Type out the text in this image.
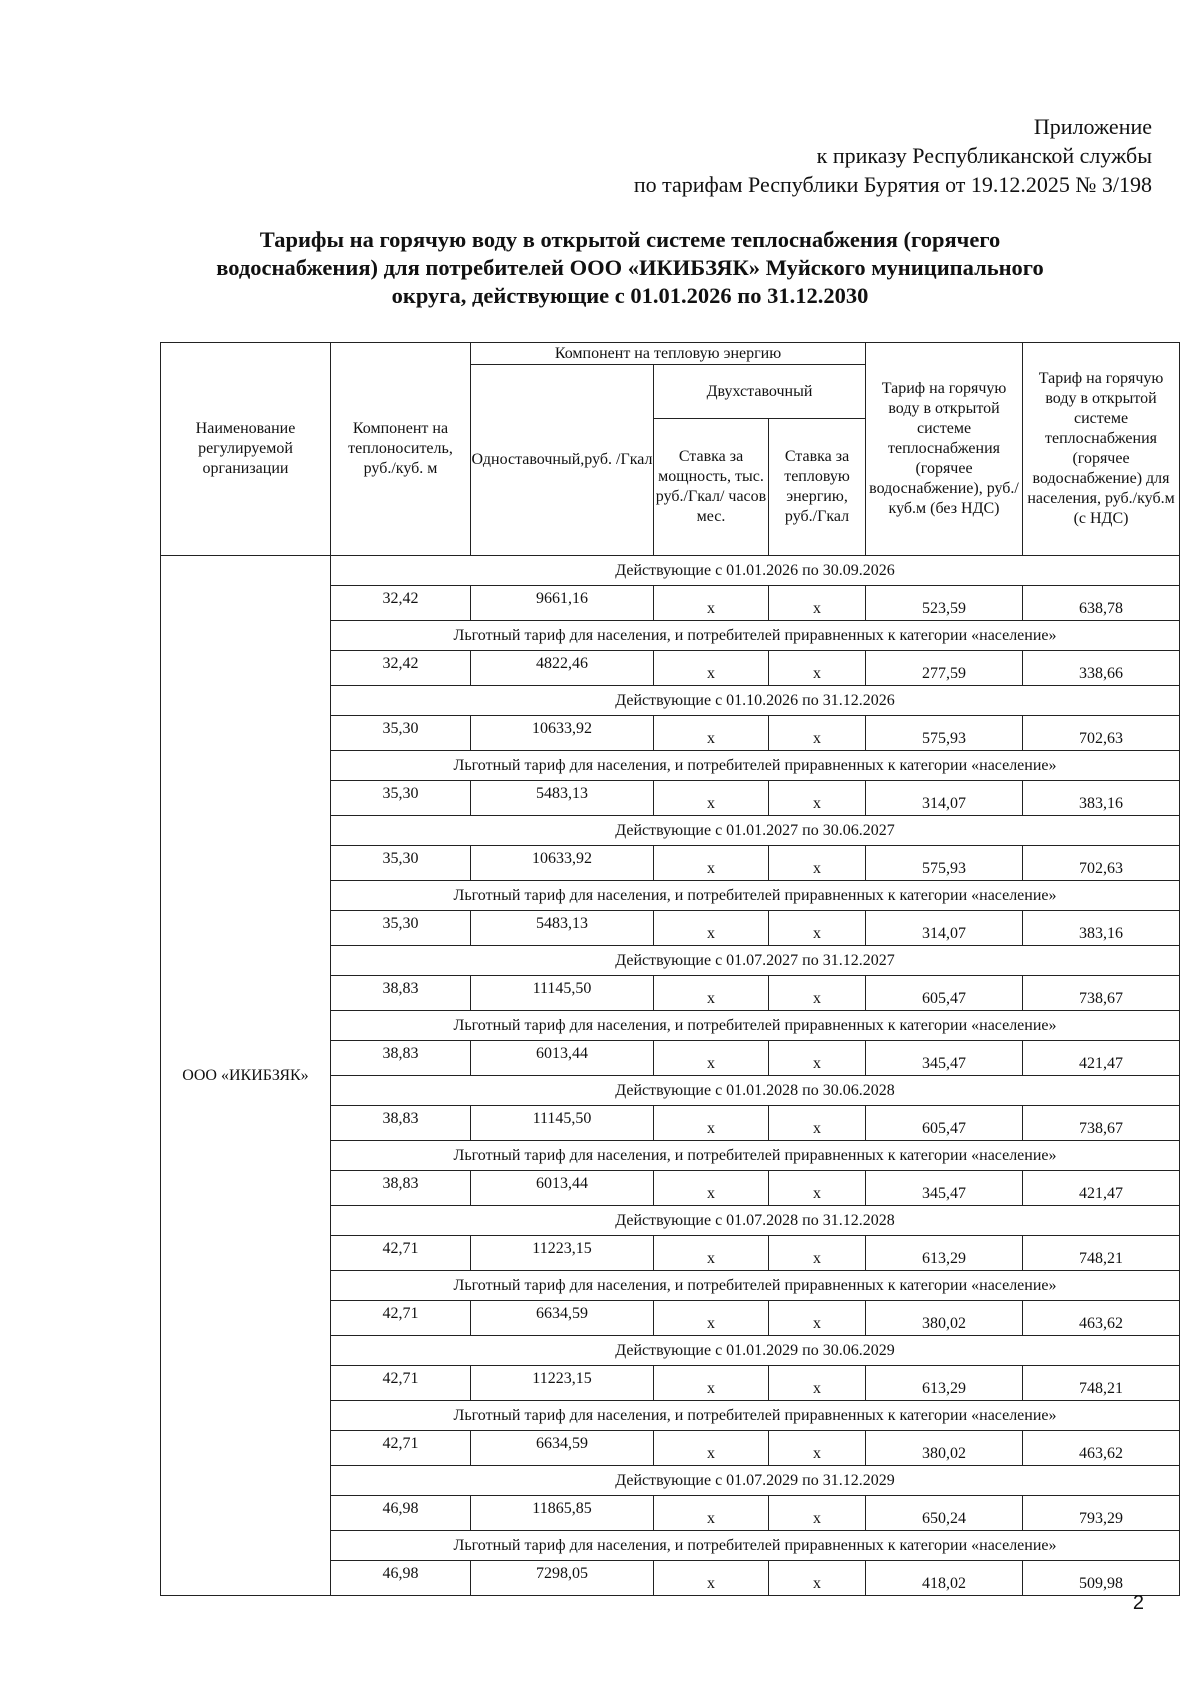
Приложение
к приказу Республиканской службы
по тарифам Республики Бурятия от 19.12.2025 № 3/198
Тарифы на горячую воду в открытой системе теплоснабжения (горячего
водоснабжения) для потребителей ООО «ИКИБЗЯК» Муйского муниципального
округа, действующие с 01.01.2026 по 31.12.2030
Наименование регулируемой организации	Компонент на теплоноситель, руб./куб. м	Компонент на тепловую энергию			Тариф на горячую воду в открытой системе теплоснабжения (горячее водоснабжение), руб./куб.м (без НДС)	Тариф на горячую воду в открытой системе теплоснабжения (горячее водоснабжение) для населения, руб./куб.м (с НДС)
		Одноставочный,руб. /Гкал	Двухставочный			
			Ставка за мощность, тыс. руб./Гкал/ часов мес.	Ставка за тепловую энергию, руб./Гкал		
ООО «ИКИБЗЯК»	Действующие с 01.01.2026 по 30.09.2026					
	32,42	9661,16	x	x	523,59	638,78
	Льготный тариф для населения, и потребителей приравненных к категории «население»					
	32,42	4822,46	x	x	277,59	338,66
	Действующие с 01.10.2026 по 31.12.2026					
	35,30	10633,92	x	x	575,93	702,63
	Льготный тариф для населения, и потребителей приравненных к категории «население»					
	35,30	5483,13	x	x	314,07	383,16
	Действующие с 01.01.2027 по 30.06.2027					
	35,30	10633,92	x	x	575,93	702,63
	Льготный тариф для населения, и потребителей приравненных к категории «население»					
	35,30	5483,13	x	x	314,07	383,16
	Действующие с 01.07.2027 по 31.12.2027					
	38,83	11145,50	x	x	605,47	738,67
	Льготный тариф для населения, и потребителей приравненных к категории «население»					
	38,83	6013,44	x	x	345,47	421,47
	Действующие с 01.01.2028 по 30.06.2028					
	38,83	11145,50	x	x	605,47	738,67
	Льготный тариф для населения, и потребителей приравненных к категории «население»					
	38,83	6013,44	x	x	345,47	421,47
	Действующие с 01.07.2028 по 31.12.2028					
	42,71	11223,15	x	x	613,29	748,21
	Льготный тариф для населения, и потребителей приравненных к категории «население»					
	42,71	6634,59	x	x	380,02	463,62
	Действующие с 01.01.2029 по 30.06.2029					
	42,71	11223,15	x	x	613,29	748,21
	Льготный тариф для населения, и потребителей приравненных к категории «население»					
	42,71	6634,59	x	x	380,02	463,62
	Действующие с 01.07.2029 по 31.12.2029					
	46,98	11865,85	x	x	650,24	793,29
	Льготный тариф для населения, и потребителей приравненных к категории «население»					
	46,98	7298,05	x	x	418,02	509,98
2
